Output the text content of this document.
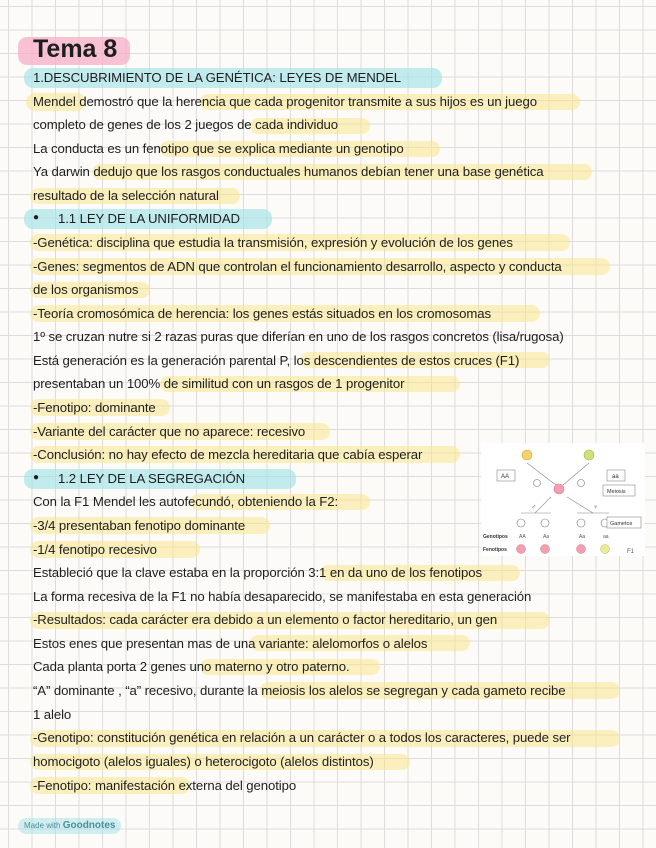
Tema 8
1.DESCUBRIMIENTO DE LA GENÉTICA: LEYES DE MENDEL
Mendel demostró que la herencia que cada progenitor transmite a sus hijos es un juego
completo de genes de los 2 juegos de cada individuo
La conducta es un fenotipo que se explica mediante un genotipo
Ya darwin dedujo que los rasgos conductuales humanos debían tener una base genética
resultado de la selección natural
● 1.1 LEY DE LA UNIFORMIDAD
-Genética: disciplina que estudia la transmisión, expresión y evolución de los genes
-Genes: segmentos de ADN que controlan el funcionamiento desarrollo, aspecto y conducta
de los organismos
-Teoría cromosómica de herencia: los genes estás situados en los cromosomas
1º se cruzan nutre si 2 razas puras que diferían en uno de los rasgos concretos (lisa/rugosa)
Está generación es la generación parental P, los descendientes de estos cruces (F1)
presentaban un 100% de similitud con un rasgos de 1 progenitor
-Fenotipo: dominante
-Variante del carácter que no aparece: recesivo
-Conclusión: no hay efecto de mezcla hereditaria que cabía esperar
● 1.2 LEY DE LA SEGREGACIÓN
Con la F1 Mendel les autofecundó, obteniendo la F2:
-3/4 presentaban fenotipo dominante
-1/4 fenotipo recesivo
Estableció que la clave estaba en la proporción 3:1 en da uno de los fenotipos
La forma recesiva de la F1 no había desaparecido, se manifestaba en esta generación
-Resultados: cada carácter era debido a un elemento o factor hereditario, un gen
Estos enes que presentan mas de una variante: alelomorfos o alelos
Cada planta porta 2 genes uno materno y otro paterno.
“A” dominante , “a” recesivo, durante la meiosis los alelos se segregan y cada gameto recibe
1 alelo
-Genotipo: constitución genética en relación a un carácter o a todos los caracteres, puede ser
homocigoto (alelos iguales) o heterocigoto (alelos distintos)
-Fenotipo: manifestación externa del genotipo
AA	aa
Meiosis
♂	♀
Gametos
Genotipos AA	Aa	Aa	aa
Fenotipos	F1
Made with Goodnotes
